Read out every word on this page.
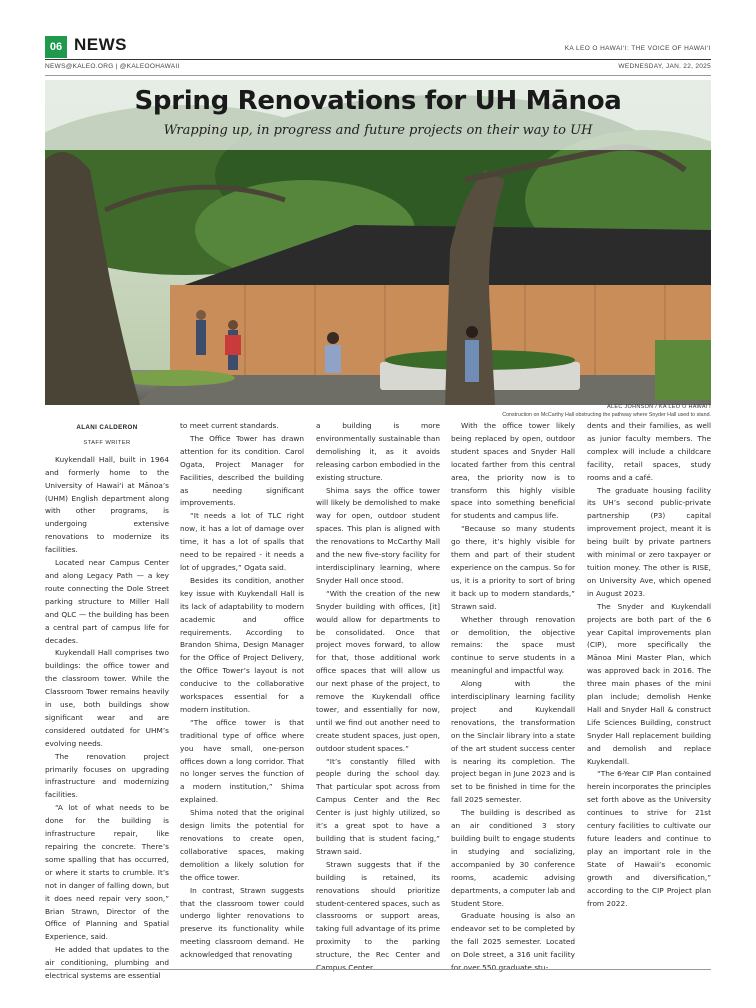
06 NEWS	KA LEO O HAWAI‘I: THE VOICE OF HAWAI‘I
NEWS@KALEO.ORG | @KALEOOHAWAII	WEDNESDAY, JAN. 22, 2025
Spring Renovations for UH Mānoa
Wrapping up, in progress and future projects on their way to UH
ALEC JOHNSON / KA LEO O HAWAI‘I
Construction on McCarthy Hall obstructing the pathway where Snyder Hall used to stand.
ALANI CALDERON
STAFF WRITER

Kuykendall Hall, built in 1964 and formerly home to the University of Hawai‘i at Mānoa’s (UHM) English department along with other programs, is undergoing extensive renovations to modernize its facilities.

Located near Campus Center and along Legacy Path — a key route connecting the Dole Street parking structure to Miller Hall and QLC — the building has been a central part of campus life for decades.

Kuykendall Hall comprises two buildings: the office tower and the classroom tower. While the Classroom Tower remains heavily in use, both buildings show significant wear and are considered outdated for UHM’s evolving needs.

The renovation project primarily focuses on upgrading infrastructure and modernizing facilities.

“A lot of what needs to be done for the building is infrastructure repair, like repairing the concrete. There’s some spalling that has occurred, or where it starts to crumble. It’s not in danger of falling down, but it does need repair very soon,” Brian Strawn, Director of the Office of Planning and Spatial Experience, said.

He added that updates to the air conditioning, plumbing and electrical systems are essential

to meet current standards.

The Office Tower has drawn attention for its condition. Carol Ogata, Project Manager for Facilities, described the building as needing significant improvements.

“It needs a lot of TLC right now, it has a lot of damage over time, it has a lot of spalls that need to be repaired - it needs a lot of upgrades,” Ogata said.

Besides its condition, another key issue with Kuykendall Hall is its lack of adaptability to modern academic and office requirements. According to Brandon Shima, Design Manager for the Office of Project Delivery, the Office Tower’s layout is not conducive to the collaborative workspaces essential for a modern institution.

“The office tower is that traditional type of office where you have small, one-person offices down a long corridor. That no longer serves the function of a modern institution,” Shima explained.

Shima noted that the original design limits the potential for renovations to create open, collaborative spaces, making demolition a likely solution for the office tower.

In contrast, Strawn suggests that the classroom tower could undergo lighter renovations to preserve its functionality while meeting classroom demand. He acknowledged that renovating

a building is more environmentally sustainable than demolishing it, as it avoids releasing carbon embodied in the existing structure.

Shima says the office tower will likely be demolished to make way for open, outdoor student spaces. This plan is aligned with the renovations to McCarthy Mall and the new five-story facility for interdisciplinary learning, where Snyder Hall once stood.

“With the creation of the new Snyder building with offices, [it] would allow for departments to be consolidated. Once that project moves forward, to allow for that, those additional work office spaces that will allow us our next phase of the project, to remove the Kuykendall office tower, and essentially for now, until we find out another need to create student spaces, just open, outdoor student spaces.”

“It’s constantly filled with people during the school day. That particular spot across from Campus Center and the Rec Center is just highly utilized, so it’s a great spot to have a building that is student facing,” Strawn said.

Strawn suggests that if the building is retained, its renovations should prioritize student-centered spaces, such as classrooms or support areas, taking full advantage of its prime proximity to the parking structure, the Rec Center and Campus Center.

With the office tower likely being replaced by open, outdoor student spaces and Snyder Hall located farther from this central area, the priority now is to transform this highly visible space into something beneficial for students and campus life.

“Because so many students go there, it’s highly visible for them and part of their student experience on the campus. So for us, it is a priority to sort of bring it back up to modern standards,” Strawn said.

Whether through renovation or demolition, the objective remains: the space must continue to serve students in a meaningful and impactful way.

Along with the interdisciplinary learning facility project and Kuykendall renovations, the transformation on the Sinclair library into a state of the art student success center is nearing its completion. The project began in June 2023 and is set to be finished in time for the fall 2025 semester.

The building is described as an air conditioned 3 story building built to engage students in studying and socializing, accompanied by 30 conference rooms, academic advising departments, a computer lab and Student Store.

Graduate housing is also an endeavor set to be completed by the fall 2025 semester. Located on Dole street, a 316 unit facility for over 550 graduate stu-

dents and their families, as well as junior faculty members. The complex will include a childcare facility, retail spaces, study rooms and a café.

The graduate housing facility its UH’s second public-private partnership (P3) capital improvement project, meant it is being built by private partners with minimal or zero taxpayer or tuition money. The other is RISE, on University Ave, which opened in August 2023.

The Snyder and Kuykendall projects are both part of the 6 year Capital improvements plan (CIP), more specifically the Mānoa Mini Master Plan, which was approved back in 2016. The three main phases of the mini plan include; demolish Henke Hall and Snyder Hall & construct Life Sciences Building, construct Snyder Hall replacement building and demolish and replace Kuykendall.

“The 6-Year CIP Plan contained herein incorporates the principles set forth above as the University continues to strive for 21st century facilities to cultivate our future leaders and continue to play an important role in the State of Hawaii’s economic growth and diversification,” according to the CIP Project plan from 2022.
